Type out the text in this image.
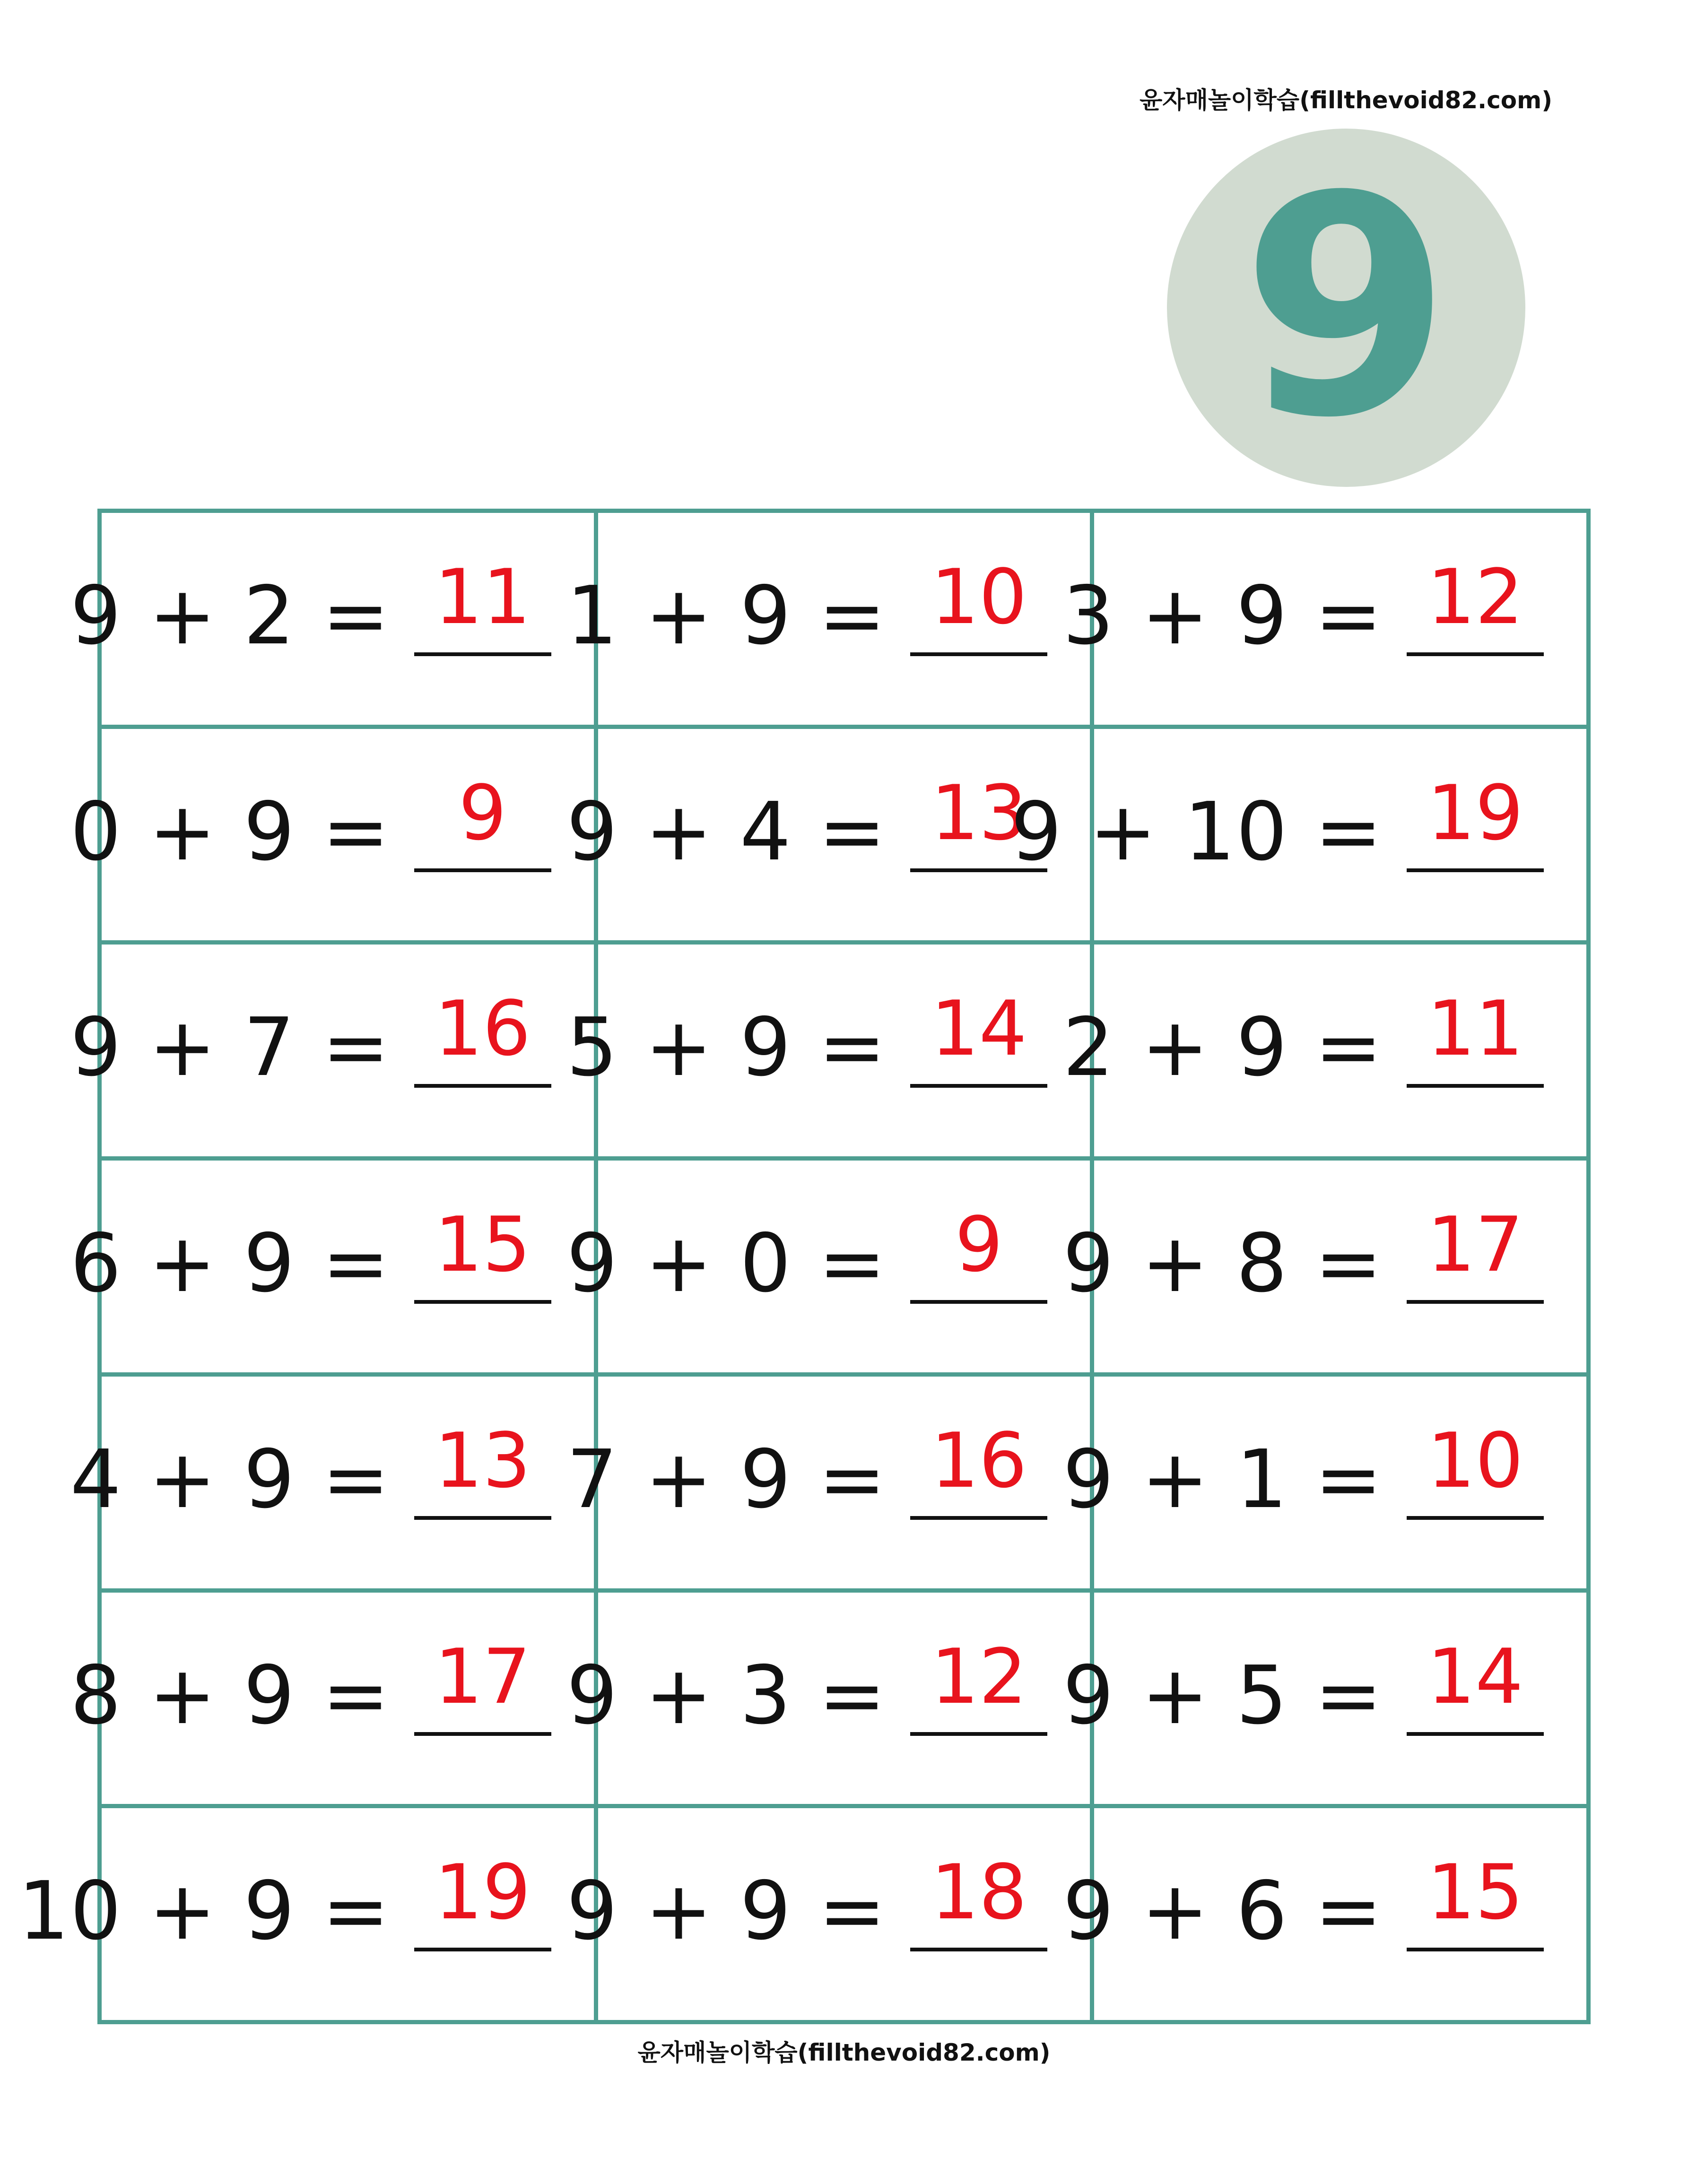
윤자매놀이학습(fillthevoid82.com)
9
9 + 2 = 11 1 + 9 = 10 3 + 9 = 12
0 + 9 = 9 9 + 4 = 13
9 + 10 = 19
9 + 7 = 16 5 + 9 = 14 2 + 9 = 11
6 + 9 = 15 9 + 0 = 9 9 + 8 = 17
4 + 9 = 13 7 + 9 = 16 9 + 1 = 10
8 + 9 = 17 9 + 3 = 12 9 + 5 = 14
10 + 9 = 19 9 + 9 = 18 9 + 6 = 15
윤자매놀이학습(fillthevoid82.com)
